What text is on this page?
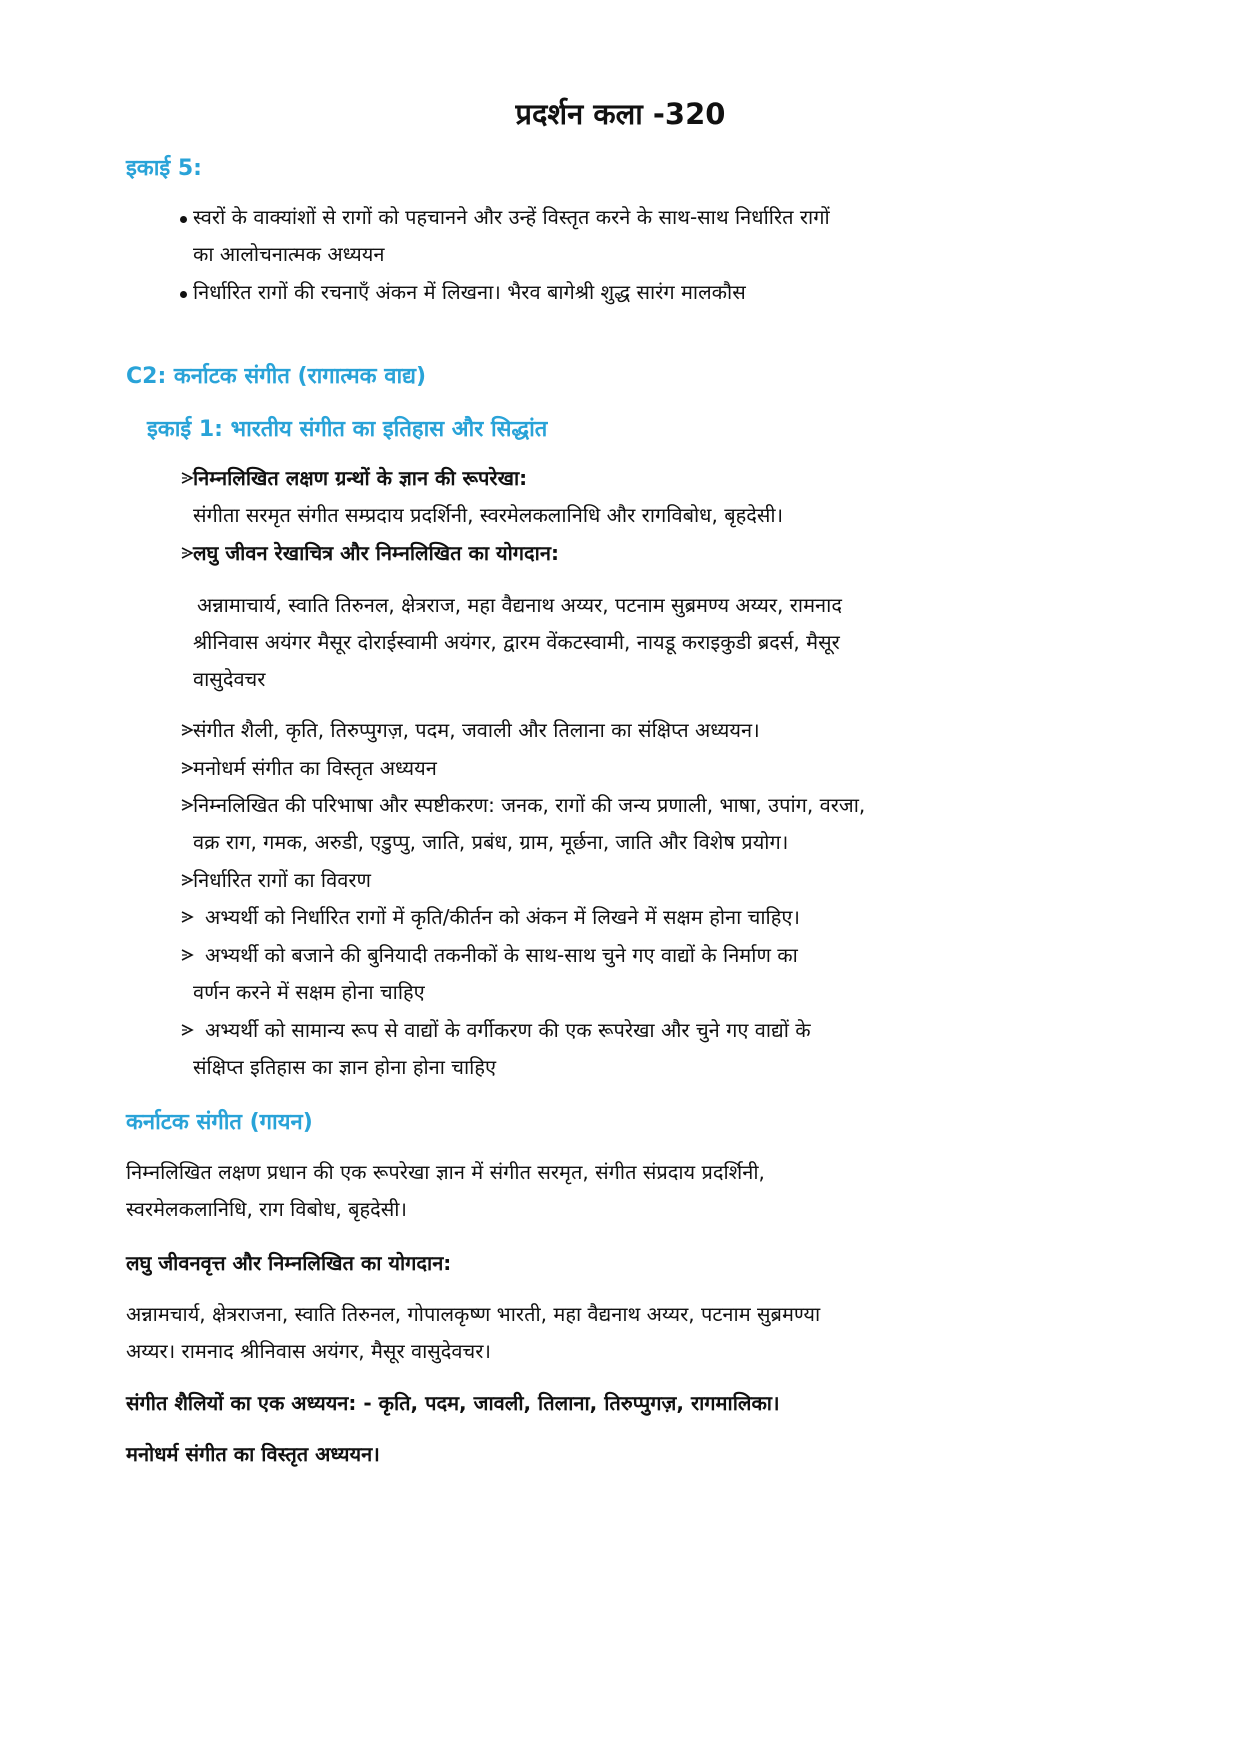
प्रदर्शन कला -320
इकाई 5:
स्वरों के वाक्यांशों से रागों को पहचानने और उन्हें विस्तृत करने के साथ-साथ निर्धारित रागों
का आलोचनात्मक अध्ययन
निर्धारित रागों की रचनाएँ अंकन में लिखना। भैरव बागेश्री शुद्ध सारंग मालकौस
C2: कर्नाटक संगीत (रागात्मक वाद्य)
इकाई 1: भारतीय संगीत का इतिहास और सिद्धांत
निम्नलिखित लक्षण ग्रन्थों के ज्ञान की रूपरेखा:
संगीता सरमृत संगीत सम्प्रदाय प्रदर्शिनी, स्वरमेलकलानिधि और रागविबोध, बृहदेसी।
लघु जीवन रेखाचित्र और निम्नलिखित का योगदान:
अन्नामाचार्य, स्वाति तिरुनल, क्षेत्रराज, महा वैद्यनाथ अय्यर, पटनाम सुब्रमण्य अय्यर, रामनाद
श्रीनिवास अयंगर मैसूर दोराईस्वामी अयंगर, द्वारम वेंकटस्वामी, नायडू कराइकुडी ब्रदर्स, मैसूर
वासुदेवचर
संगीत शैली, कृति, तिरुप्पुगज़, पदम, जवाली और तिलाना का संक्षिप्त अध्ययन।
मनोधर्म संगीत का विस्तृत अध्ययन
निम्नलिखित की परिभाषा और स्पष्टीकरण: जनक, रागों की जन्य प्रणाली, भाषा, उपांग, वरजा,
वक्र राग, गमक, अरुडी, एडुप्पु, जाति, प्रबंध, ग्राम, मूर्छना, जाति और विशेष प्रयोग।
निर्धारित रागों का विवरण
अभ्यर्थी को निर्धारित रागों में कृति/कीर्तन को अंकन में लिखने में सक्षम होना चाहिए।
अभ्यर्थी को बजाने की बुनियादी तकनीकों के साथ-साथ चुने गए वाद्यों के निर्माण का
वर्णन करने में सक्षम होना चाहिए
अभ्यर्थी को सामान्य रूप से वाद्यों के वर्गीकरण की एक रूपरेखा और चुने गए वाद्यों के
संक्षिप्त इतिहास का ज्ञान होना होना चाहिए
कर्नाटक संगीत (गायन)
निम्नलिखित लक्षण प्रधान की एक रूपरेखा ज्ञान में संगीत सरमृत, संगीत संप्रदाय प्रदर्शिनी,
स्वरमेलकलानिधि, राग विबोध, बृहदेसी।
लघु जीवनवृत्त और निम्नलिखित का योगदान:
अन्नामचार्य, क्षेत्रराजना, स्वाति तिरुनल, गोपालकृष्ण भारती, महा वैद्यनाथ अय्यर, पटनाम सुब्रमण्या
अय्यर। रामनाद श्रीनिवास अयंगर, मैसूर वासुदेवचर।
संगीत शैलियों का एक अध्ययन: - कृति, पदम, जावली, तिलाना, तिरुप्पुगज़, रागमालिका।
मनोधर्म संगीत का विस्तृत अध्ययन।
